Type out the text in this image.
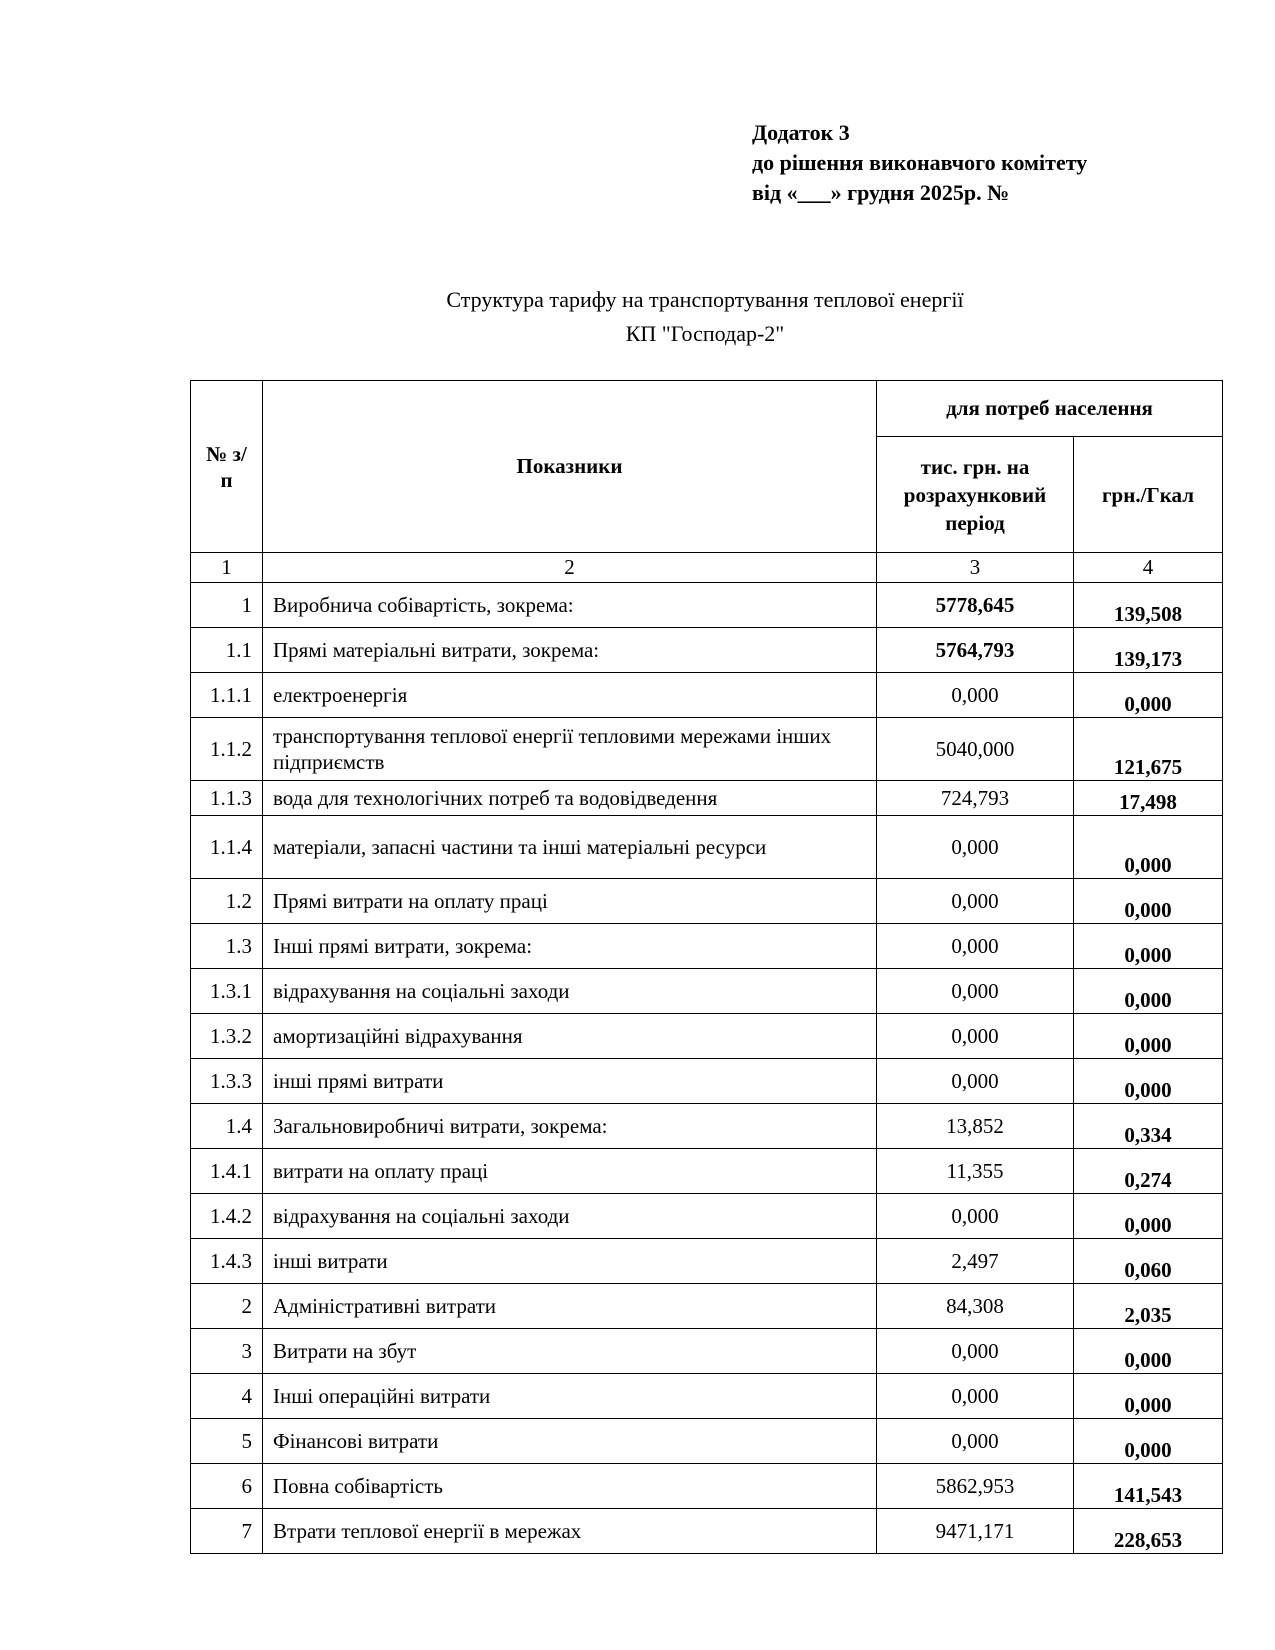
Додаток 3
до рішення виконавчого комітету
від «___» грудня 2025р. №
Структура тарифу на транспортування теплової енергії
КП "Господар-2"
№ з/п	Показники	для потреб населення	
		тис. грн. на розрахунковий період	грн./Гкал
1	2	3	4
1	Виробнича собівартість, зокрема:	5778,645	139,508
1.1	Прямі матеріальні витрати, зокрема:	5764,793	139,173
1.1.1	електроенергія	0,000	0,000
1.1.2	транспортування теплової енергії тепловими мережами інших підприємств	5040,000	121,675
1.1.3	вода для технологічних потреб та водовідведення	724,793	17,498
1.1.4	матеріали, запасні частини та інші матеріальні ресурси	0,000	0,000
1.2	Прямі витрати на оплату праці	0,000	0,000
1.3	Інші прямі витрати, зокрема:	0,000	0,000
1.3.1	відрахування на соціальні заходи	0,000	0,000
1.3.2	амортизаційні відрахування	0,000	0,000
1.3.3	інші прямі витрати	0,000	0,000
1.4	Загальновиробничі витрати, зокрема:	13,852	0,334
1.4.1	витрати на оплату праці	11,355	0,274
1.4.2	відрахування на соціальні заходи	0,000	0,000
1.4.3	інші витрати	2,497	0,060
2	Адміністративні витрати	84,308	2,035
3	Витрати на збут	0,000	0,000
4	Інші операційні витрати	0,000	0,000
5	Фінансові витрати	0,000	0,000
6	Повна собівартість	5862,953	141,543
7	Втрати теплової енергії в мережах	9471,171	228,653
